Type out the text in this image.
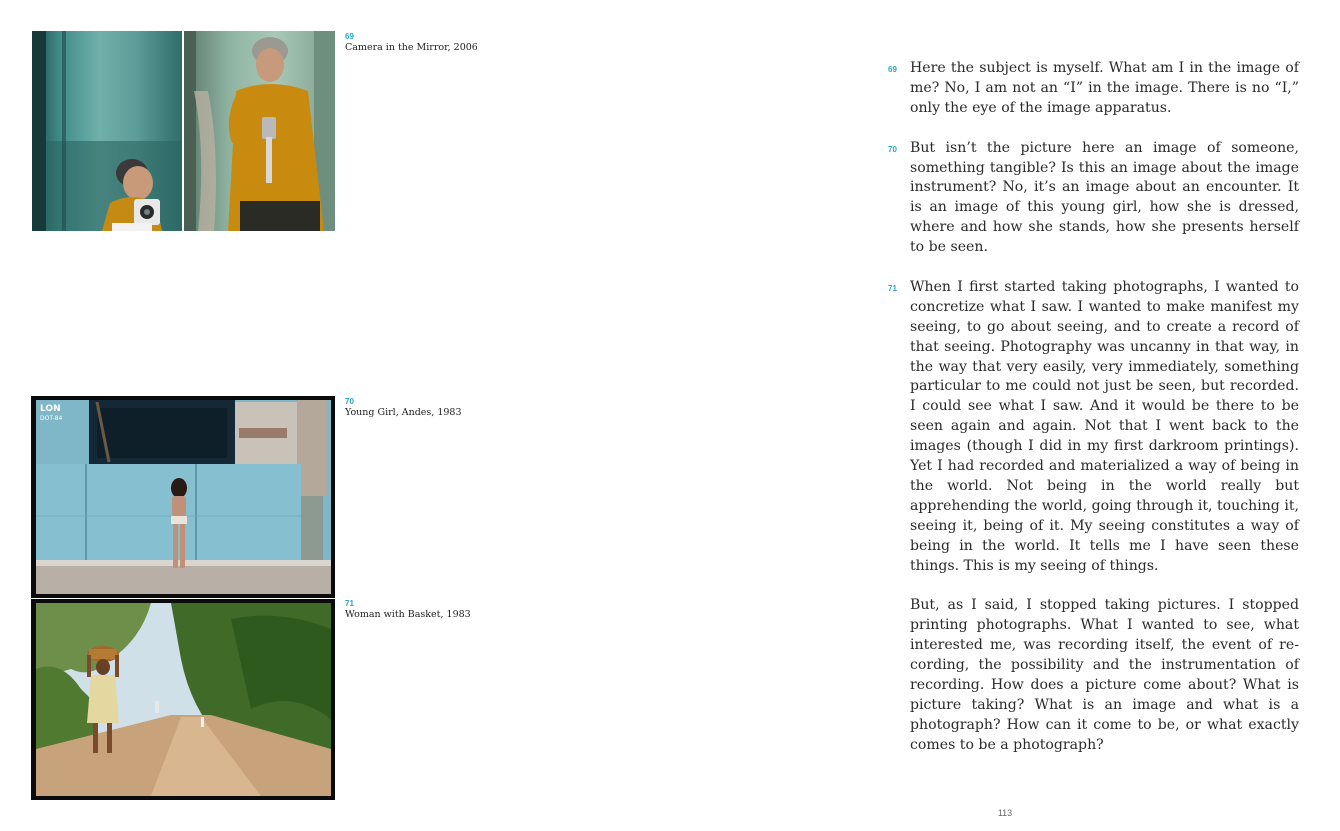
69
Camera in the Mirror, 2006
LON
DOT-84
70
Young Girl, Andes, 1983
71
Woman with Basket, 1983
69 Here the subject is myself. What am I in the image of me? No, I am not an “I” in the image. There is no “I,” only the eye of the image apparatus.
70 But isn’t the picture here an image of someone, something tangible? Is this an image about the image instrument? No, it’s an image about an encounter. It is an image of this young girl, how she is dressed, where and how she stands, how she presents herself to be seen.
71 When I first started taking photographs, I wanted to concretize what I saw. I wanted to make manifest my seeing, to go about seeing, and to create a record of that seeing. Photography was uncanny in that way, in the way that very easily, very immediately, something particular to me could not just be seen, but recorded. I could see what I saw. And it would be there to be seen again and again. Not that I went back to the images (though I did in my first darkroom printings). Yet I had recorded and materialized a way of being in the world. Not being in the world really but apprehending the world, going through it, touching it, seeing it, being of it. My seeing constitutes a way of being in the world. It tells me I have seen these things. This is my seeing of things.
But, as I said, I stopped taking pictures. I stopped printing photographs. What I wanted to see, what interested me, was recording itself, the event of recording, the possibility and the instrumentation of recording. How does a picture come about? What is picture taking? What is an image and what is a photograph? How can it come to be, or what exactly comes to be a photograph?
113
